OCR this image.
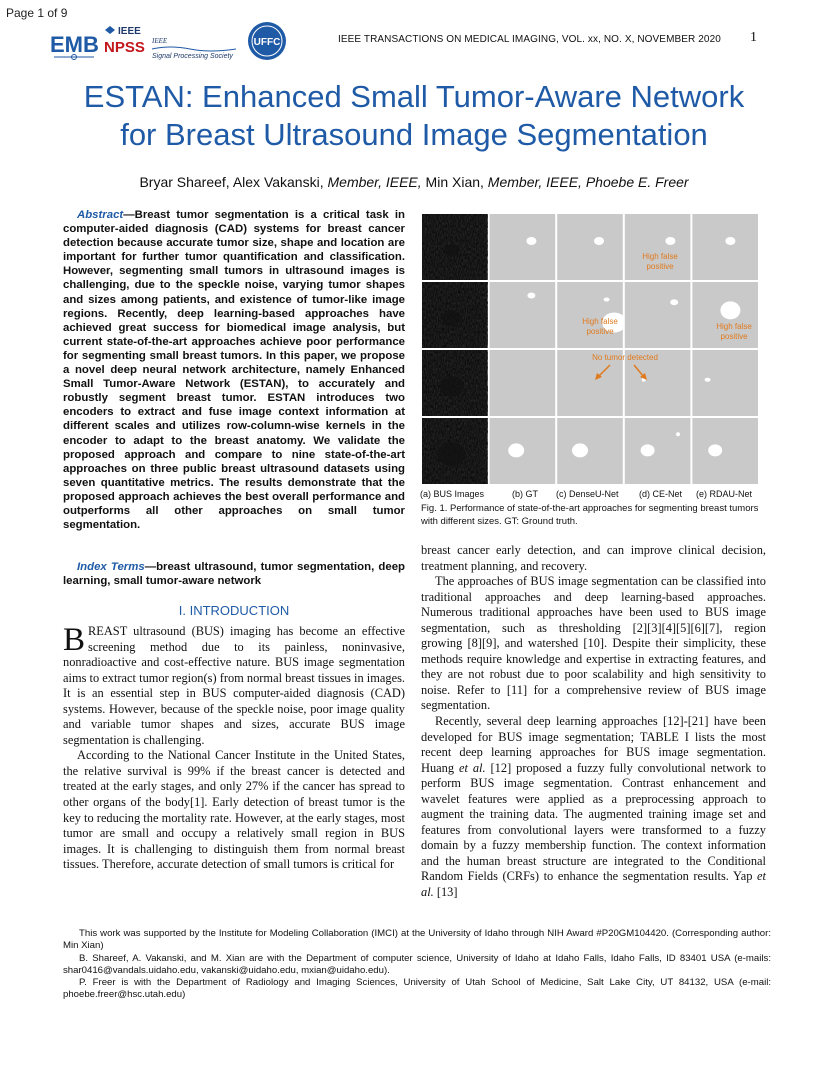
Page 1 of 9
EMB
IEEE
NPSS IEEE
Signal Processing Society
UFFC	IEEE TRANSACTIONS ON MEDICAL IMAGING, VOL. xx, NO. X, NOVEMBER 2020 1
ESTAN: Enhanced Small Tumor-Aware Network
for Breast Ultrasound Image Segmentation
Bryar Shareef, Alex Vakanski, Member, IEEE, Min Xian, Member, IEEE, Phoebe E. Freer
Abstract—Breast tumor segmentation is a critical task in computer-aided diagnosis (CAD) systems for breast cancer detection because accurate tumor size, shape and location are important for further tumor quantification and classification. However, segmenting small tumors in ultrasound images is challenging, due to the speckle noise, varying tumor shapes and sizes among patients, and existence of tumor-like image regions. Recently, deep learning-based approaches have achieved great success for biomedical image analysis, but current state-of-the-art approaches achieve poor performance for segmenting small breast tumors. In this paper, we propose a novel deep neural network architecture, namely Enhanced Small Tumor-Aware Network (ESTAN), to accurately and robustly segment breast tumor. ESTAN introduces two encoders to extract and fuse image context information at different scales and utilizes row-column-wise kernels in the encoder to adapt to the breast anatomy. We validate the proposed approach and compare to nine state-of-the-art approaches on three public breast ultrasound datasets using seven quantitative metrics. The results demonstrate that the proposed approach achieves the best overall performance and outperforms all other approaches on small tumor segmentation.
Index Terms—breast ultrasound, tumor segmentation, deep learning, small tumor-aware network
I. INTRODUCTION

BREAST ultrasound (BUS) imaging has become an effective screening method due to its painless, noninvasive, nonradioactive and cost-effective nature. BUS image segmentation aims to extract tumor region(s) from normal breast tissues in images. It is an essential step in BUS computer-aided diagnosis (CAD) systems. However, because of the speckle noise, poor image quality and variable tumor shapes and sizes, accurate BUS image segmentation is challenging.

According to the National Cancer Institute in the United States, the relative survival is 99% if the breast cancer is detected and treated at the early stages, and only 27% if the cancer has spread to other organs of the body[1]. Early detection of breast tumor is the key to reducing the mortality rate. However, at the early stages, most tumor are small and occupy a relatively small region in BUS images. It is challenging to distinguish them from normal breast tissues. Therefore, accurate detection of small tumors is critical for

High false positive
High false positive
High false positive
No tumor detected
(a) BUS Images	(b) GT (c) DenseU-Net (d) CE-Net (e) RDAU-Net
Fig. 1. Performance of state-of-the-art approaches for segmenting breast tumors with different sizes. GT: Ground truth.

breast cancer early detection, and can improve clinical decision, treatment planning, and recovery.

The approaches of BUS image segmentation can be classified into traditional approaches and deep learning-based approaches. Numerous traditional approaches have been used to BUS image segmentation, such as thresholding [2][3][4][5][6][7], region growing [8][9], and watershed [10]. Despite their simplicity, these methods require knowledge and expertise in extracting features, and they are not robust due to poor scalability and high sensitivity to noise. Refer to [11] for a comprehensive review of BUS image segmentation.

Recently, several deep learning approaches [12]-[21] have been developed for BUS image segmentation; TABLE I lists the most recent deep learning approaches for BUS image segmentation. Huang et al. [12] proposed a fuzzy fully convolutional network to perform BUS image segmentation. Contrast enhancement and wavelet features were applied as a preprocessing approach to augment the training data. The augmented training image set and features from convolutional layers were transformed to a fuzzy domain by a fuzzy membership function. The context information and the human breast structure are integrated to the Conditional Random Fields (CRFs) to enhance the segmentation results. Yap et al. [13]

This work was supported by the Institute for Modeling Collaboration (IMCI) at the University of Idaho through NIH Award #P20GM104420. (Corresponding author: Min Xian)

B. Shareef, A. Vakanski, and M. Xian are with the Department of computer science, University of Idaho at Idaho Falls, Idaho Falls, ID 83401 USA (e-mails: shar0416@vandals.uidaho.edu, vakanski@uidaho.edu, mxian@uidaho.edu).

P. Freer is with the Department of Radiology and Imaging Sciences, University of Utah School of Medicine, Salt Lake City, UT 84132, USA (e-mail: phoebe.freer@hsc.utah.edu)
